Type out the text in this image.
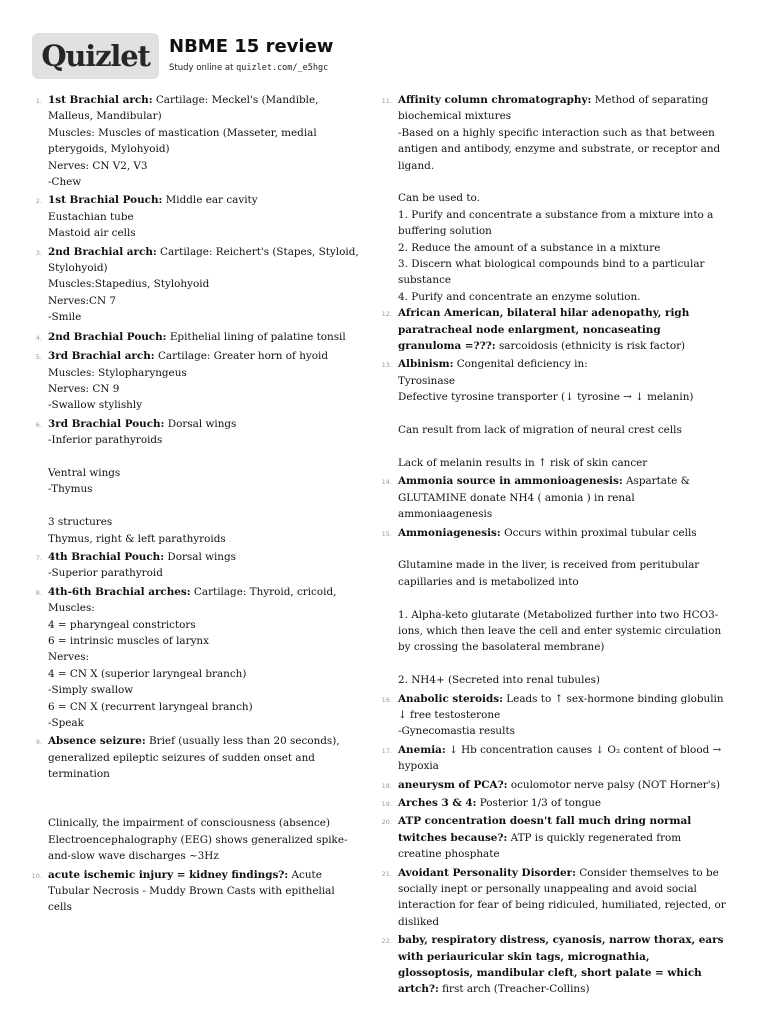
Quizlet NBME 15 review
Study online at quizlet.com/_e5hgc
1. 1st Brachial arch: Cartilage: Meckel's (Mandible, Malleus, Mandibular)
Muscles: Muscles of mastication (Masseter, medial pterygoids, Mylohyoid)
Nerves: CN V2, V3
-Chew
2. 1st Brachial Pouch: Middle ear cavity
Eustachian tube
Mastoid air cells
3. 2nd Brachial arch: Cartilage: Reichert's (Stapes, Styloid, Stylohyoid)
Muscles:Stapedius, Stylohyoid
Nerves:CN 7
-Smile
4. 2nd Brachial Pouch: Epithelial lining of palatine tonsil
5. 3rd Brachial arch: Cartilage: Greater horn of hyoid
Muscles: Stylopharyngeus
Nerves: CN 9
-Swallow stylishly
6. 3rd Brachial Pouch: Dorsal wings
-Inferior parathyroids
Ventral wings
-Thymus
3 structures
Thymus, right & left parathyroids
7. 4th Brachial Pouch: Dorsal wings
-Superior parathyroid
8. 4th-6th Brachial arches: Cartilage: Thyroid, cricoid,
Muscles:
4 = pharyngeal constrictors
6 = intrinsic muscles of larynx
Nerves:
4 = CN X (superior laryngeal branch)
-Simply swallow
6 = CN X (recurrent laryngeal branch)
-Speak
9. Absence seizure: Brief (usually less than 20 seconds), generalized epileptic seizures of sudden onset and termination
Clinically, the impairment of consciousness (absence)
Electroencephalography (EEG) shows generalized spike-and-slow wave discharges ~3Hz
10. acute ischemic injury = kidney findings?: Acute Tubular Necrosis - Muddy Brown Casts with epithelial cells
11. Affinity column chromatography: Method of separating biochemical mixtures
-Based on a highly specific interaction such as that between antigen and antibody, enzyme and substrate, or receptor and ligand.
Can be used to.
1. Purify and concentrate a substance from a mixture into a buffering solution
2. Reduce the amount of a substance in a mixture
3. Discern what biological compounds bind to a particular substance
4. Purify and concentrate an enzyme solution.
12. African American, bilateral hilar adenopathy, righ paratracheal node enlargment, noncaseating granuloma =???: sarcoidosis (ethnicity is risk factor)
13. Albinism: Congenital deficiency in:
Tyrosinase
Defective tyrosine transporter (↓ tyrosine → ↓ melanin)
Can result from lack of migration of neural crest cells
Lack of melanin results in ↑ risk of skin cancer
14. Ammonia source in ammonioagenesis: Aspartate & GLUTAMINE donate NH4 ( amonia ) in renal ammoniaagenesis
15. Ammoniagenesis: Occurs within proximal tubular cells
Glutamine made in the liver, is received from peritubular capillaries and is metabolized into
1. Alpha-keto glutarate (Metabolized further into two HCO3-ions, which then leave the cell and enter systemic circulation by crossing the basolateral membrane)
2. NH4+ (Secreted into renal tubules)
16. Anabolic steroids: Leads to ↑ sex-hormone binding globulin
↓ free testosterone
-Gynecomastia results
17. Anemia: ↓ Hb concentration causes ↓ O₂ content of blood → hypoxia
18. aneurysm of PCA?: oculomotor nerve palsy (NOT Horner's)
19. Arches 3 & 4: Posterior 1/3 of tongue
20. ATP concentration doesn't fall much dring normal twitches because?: ATP is quickly regenerated from creatine phosphate
21. Avoidant Personality Disorder: Consider themselves to be socially inept or personally unappealing and avoid social interaction for fear of being ridiculed, humiliated, rejected, or disliked
22. baby, respiratory distress, cyanosis, narrow thorax, ears with periauricular skin tags, micrognathia, glossoptosis, mandibular cleft, short palate = which artch?: first arch (Treacher-Collins)
